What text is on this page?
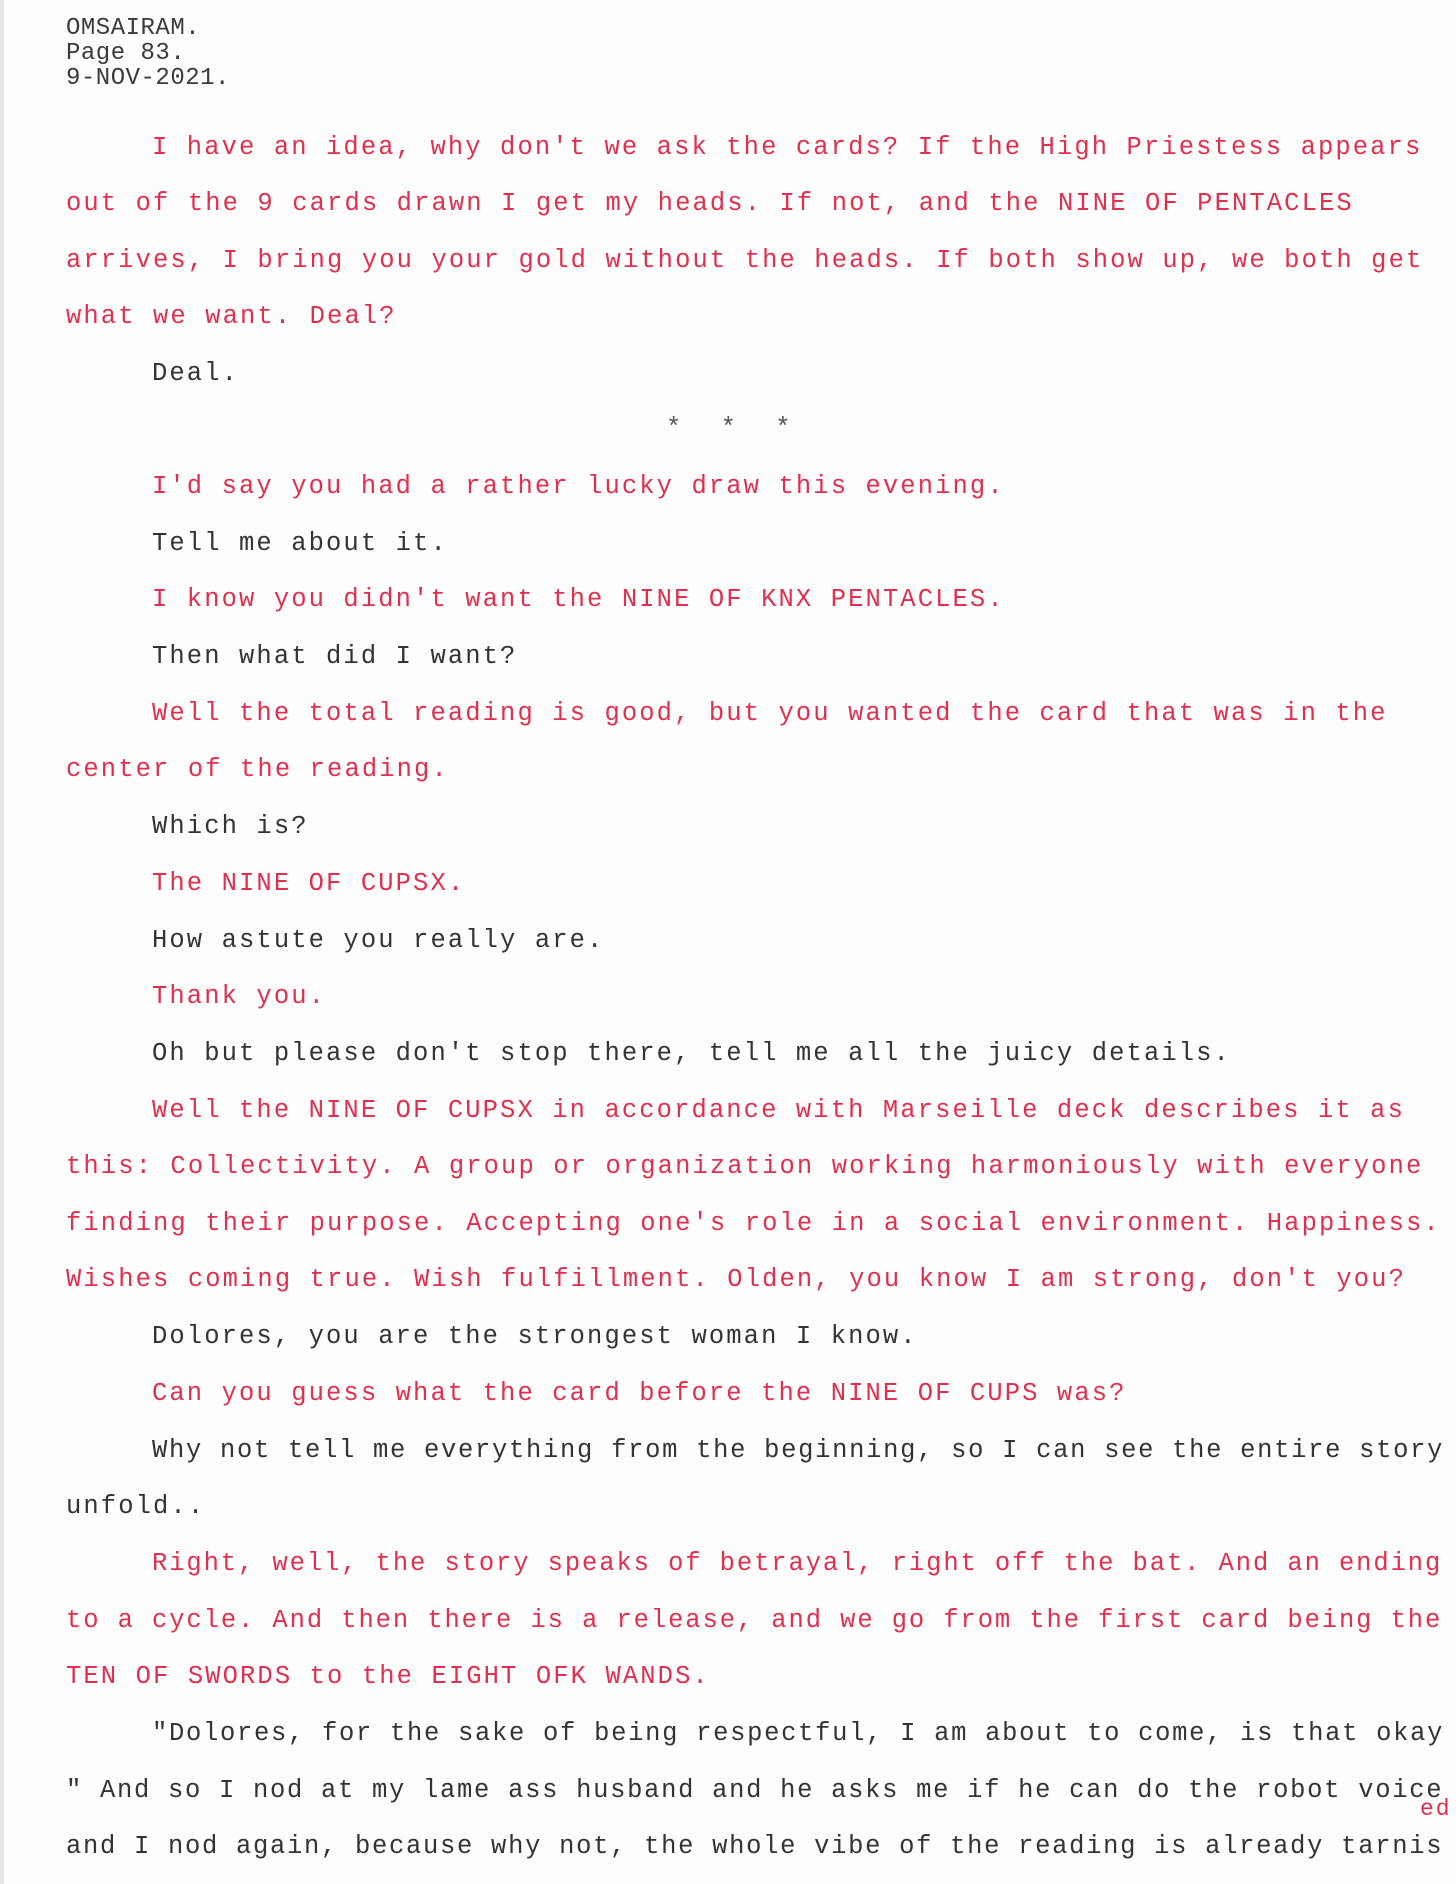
OMSAIRAM.
Page 83.
9-NOV-2021.
I have an idea, why don't we ask the cards? If the High Priestess appears
out of the 9 cards drawn I get my heads. If not, and the NINE OF PENTACLES
arrives, I bring you your gold without the heads. If both show up, we both get
what we want. Deal?
Deal.
* * *
I'd say you had a rather lucky draw this evening.
Tell me about it.
I know you didn't want the NINE OF KNX PENTACLES.
Then what did I want?
Well the total reading is good, but you wanted the card that was in the
center of the reading.
Which is?
The NINE OF CUPSX.
How astute you really are.
Thank you.
Oh but please don't stop there, tell me all the juicy details.
Well the NINE OF CUPSX in accordance with Marseille deck describes it as
this: Collectivity. A group or organization working harmoniously with everyone
finding their purpose. Accepting one's role in a social environment. Happiness.
Wishes coming true. Wish fulfillment. Olden, you know I am strong, don't you?
Dolores, you are the strongest woman I know.
Can you guess what the card before the NINE OF CUPS was?
Why not tell me everything from the beginning, so I can see the entire story
unfold..
Right, well, the story speaks of betrayal, right off the bat. And an ending
to a cycle. And then there is a release, and we go from the first card being the
TEN OF SWORDS to the EIGHT OFK WANDS.
"Dolores, for the sake of being respectful, I am about to come, is that okay
" And so I nod at my lame ass husband and he asks me if he can do the robot voice
ed
and I nod again, because why not, the whole vibe of the reading is already tarnis
